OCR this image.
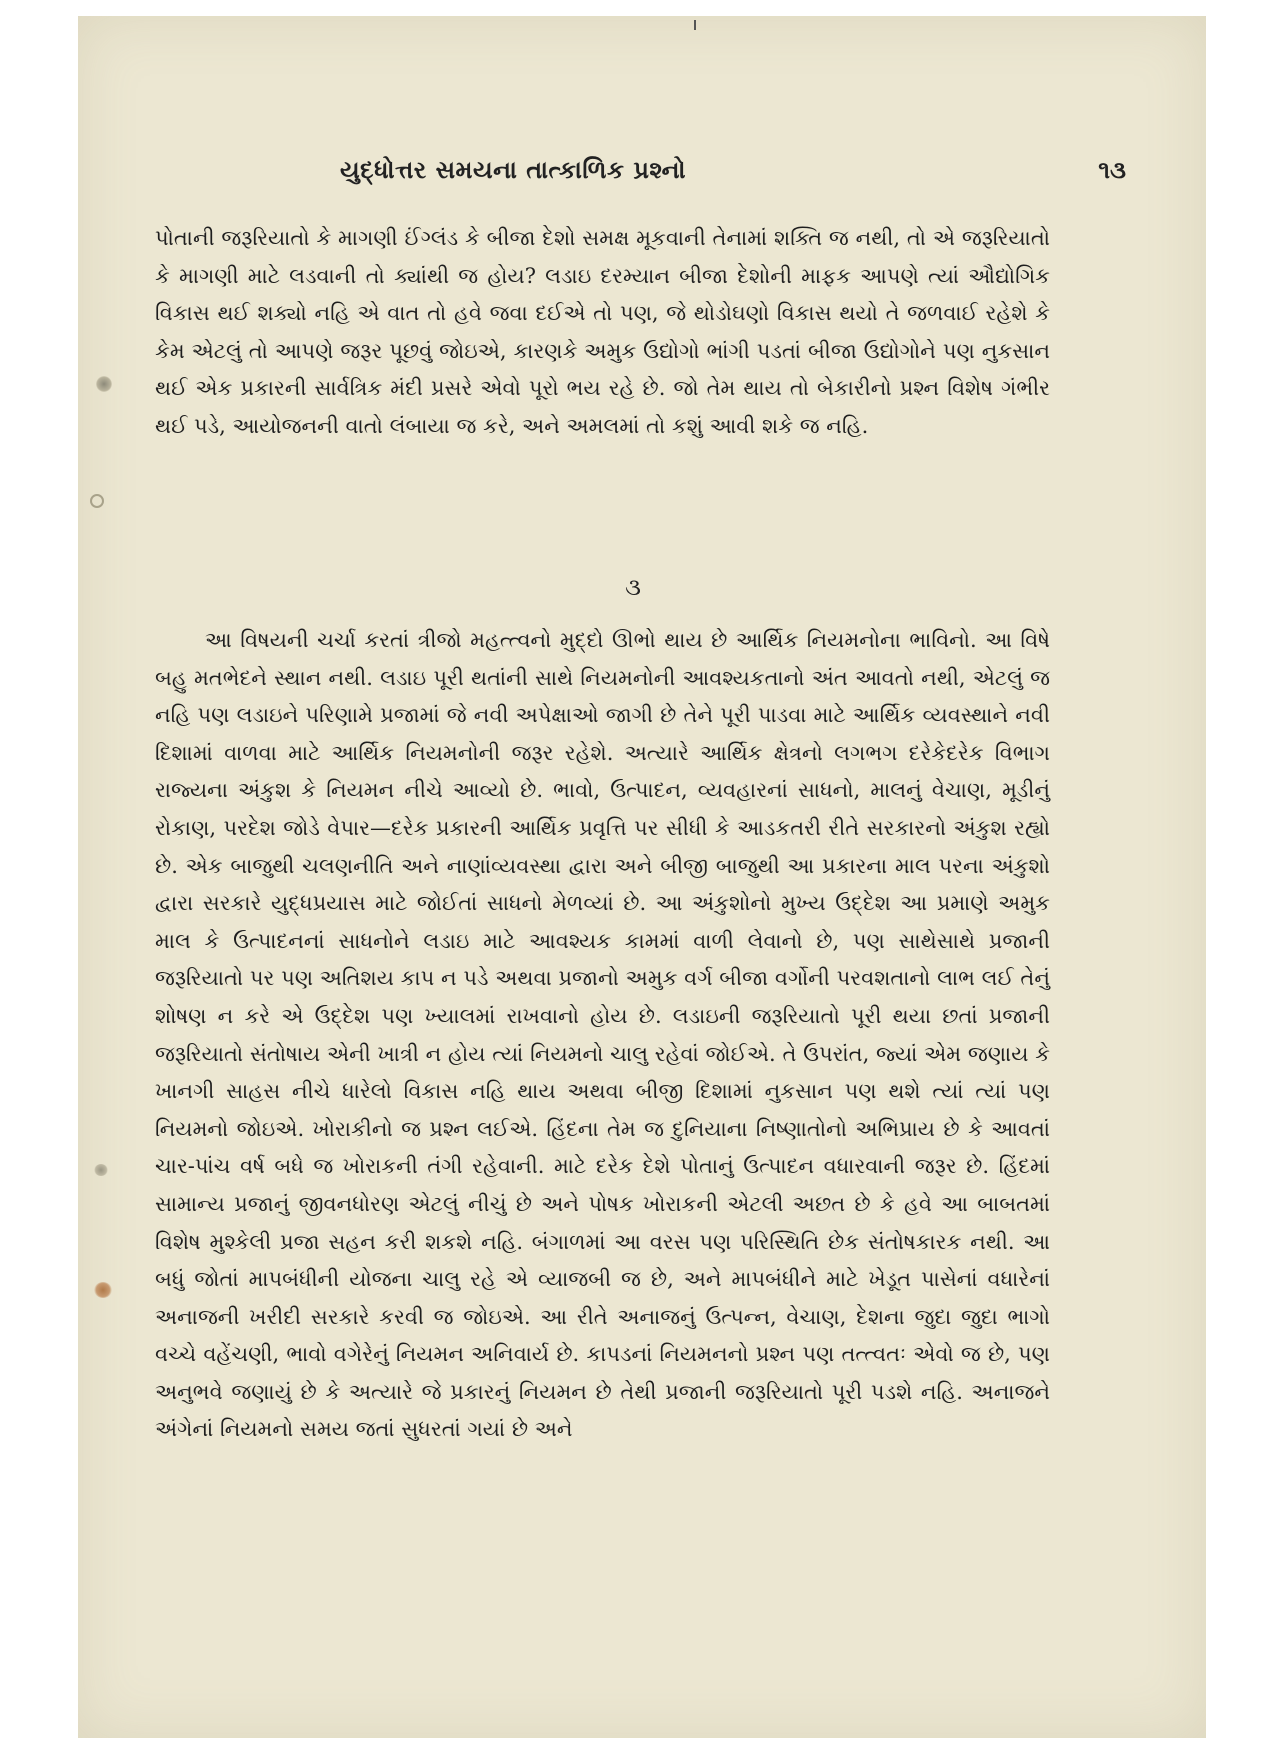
યુદ્ધોત્તર સમયના તાત્કાળિક પ્રશ્નો	૧૩

પોતાની જરૂરિયાતો કે માગણી ઈંગ્લંડ કે બીજા દેશો સમક્ષ મૂકવાની તેનામાં શક્તિ જ નથી, તો એ જરૂરિયાતો કે માગણી માટે લડવાની તો ક્યાંથી જ હોય? લડાઇ દરમ્યાન બીજા દેશોની માફક આપણે ત્યાં ઔદ્યોગિક વિકાસ થઈ શક્યો નહિ એ વાત તો હવે જવા દઈએ તો પણ, જે થોડોઘણો વિકાસ થયો તે જળવાઈ રહેશે કે કેમ એટલું તો આપણે જરૂર પૂછવું જોઇએ, કારણકે અમુક ઉદ્યોગો ભાંગી પડતાં બીજા ઉદ્યોગોને પણ નુકસાન થઈ એક પ્રકારની સાર્વત્રિક મંદી પ્રસરે એવો પૂરો ભય રહે છે. જો તેમ થાય તો બેકારીનો પ્રશ્ન વિશેષ ગંભીર થઈ પડે, આયોજનની વાતો લંબાયા જ કરે, અને અમલમાં તો કશું આવી શકે જ નહિ.

૩

આ વિષયની ચર્ચા કરતાં ત્રીજો મહત્ત્વનો મુદ્દો ઊભો થાય છે આર્થિક નિયમનોના ભાવિનો. આ વિષે બહુ મતભેદને સ્થાન નથી. લડાઇ પૂરી થતાંની સાથે નિયમનોની આવશ્યકતાનો અંત આવતો નથી, એટલું જ નહિ પણ લડાઇને પરિણામે પ્રજામાં જે નવી અપેક્ષાઓ જાગી છે તેને પૂરી પાડવા માટે આર્થિક વ્યવસ્થાને નવી દિશામાં વાળવા માટે આર્થિક નિયમનોની જરૂર રહેશે. અત્યારે આર્થિક ક્ષેત્રનો લગભગ દરેકેદરેક વિભાગ રાજ્યના અંકુશ કે નિયમન નીચે આવ્યો છે. ભાવો, ઉત્પાદન, વ્યવહારનાં સાધનો, માલનું વેચાણ, મૂડીનું રોકાણ, પરદેશ જોડે વેપાર—દરેક પ્રકારની આર્થિક પ્રવૃત્તિ પર સીધી કે આડકતરી રીતે સરકારનો અંકુશ રહ્યો છે. એક બાજુથી ચલણનીતિ અને નાણાંવ્યવસ્થા દ્વારા અને બીજી બાજુથી આ પ્રકારના માલ પરના અંકુશો દ્વારા સરકારે યુદ્ધપ્રયાસ માટે જોઈતાં સાધનો મેળવ્યાં છે. આ અંકુશોનો મુખ્ય ઉદ્દેશ આ પ્રમાણે અમુક માલ કે ઉત્પાદનનાં સાધનોને લડાઇ માટે આવશ્યક કામમાં વાળી લેવાનો છે, પણ સાથેસાથે પ્રજાની જરૂરિયાતો પર પણ અતિશય કાપ ન પડે અથવા પ્રજાનો અમુક વર્ગ બીજા વર્ગોની પરવશતાનો લાભ લઈ તેનું શોષણ ન કરે એ ઉદ્દેશ પણ ખ્યાલમાં રાખવાનો હોય છે. લડાઇની જરૂરિયાતો પૂરી થયા છતાં પ્રજાની જરૂરિયાતો સંતોષાય એની ખાત્રી ન હોય ત્યાં નિયમનો ચાલુ રહેવાં જોઈએ. તે ઉપરાંત, જ્યાં એમ જણાય કે ખાનગી સાહસ નીચે ધારેલો વિકાસ નહિ થાય અથવા બીજી દિશામાં નુકસાન પણ થશે ત્યાં ત્યાં પણ નિયમનો જોઇએ. ખોરાકીનો જ પ્રશ્ન લઈએ. હિંદના તેમ જ દુનિયાના નિષ્ણાતોનો અભિપ્રાય છે કે આવતાં ચાર-પાંચ વર્ષ બધે જ ખોરાકની તંગી રહેવાની. માટે દરેક દેશે પોતાનું ઉત્પાદન વધારવાની જરૂર છે. હિંદમાં સામાન્ય પ્રજાનું જીવનધોરણ એટલું નીચું છે અને પોષક ખોરાકની એટલી અછત છે કે હવે આ બાબતમાં વિશેષ મુશ્કેલી પ્રજા સહન કરી શકશે નહિ. બંગાળમાં આ વરસ પણ પરિસ્થિતિ છેક સંતોષકારક નથી. આ બધું જોતાં માપબંધીની યોજના ચાલુ રહે એ વ્યાજબી જ છે, અને માપબંધીને માટે ખેડૂત પાસેનાં વધારેનાં અનાજની ખરીદી સરકારે કરવી જ જોઇએ. આ રીતે અનાજનું ઉત્પન્ન, વેચાણ, દેશના જુદા જુદા ભાગો વચ્ચે વહેંચણી, ભાવો વગેરેનું નિયમન અનિવાર્ય છે. કાપડનાં નિયમનનો પ્રશ્ન પણ તત્ત્વતઃ એવો જ છે, પણ અનુભવે જણાયું છે કે અત્યારે જે પ્રકારનું નિયમન છે તેથી પ્રજાની જરૂરિયાતો પૂરી પડશે નહિ. અનાજને અંગેનાં નિયમનો સમય જતાં સુધરતાં ગયાં છે અને
